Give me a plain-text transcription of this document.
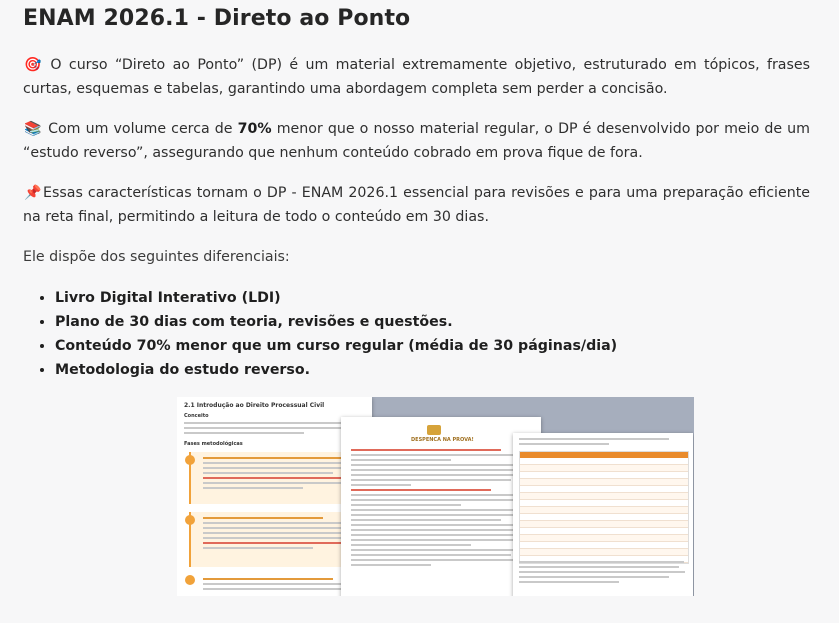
ENAM 2026.1 - Direto ao Ponto

🎯 O curso “Direto ao Ponto” (DP) é um material extremamente objetivo, estruturado em tópicos, frases curtas, esquemas e tabelas, garantindo uma abordagem completa sem perder a concisão.

📚 Com um volume cerca de 70% menor que o nosso material regular, o DP é desenvolvido por meio de um “estudo reverso”, assegurando que nenhum conteúdo cobrado em prova fique de fora.

📌Essas características tornam o DP - ENAM 2026.1 essencial para revisões e para uma preparação eficiente na reta final, permitindo a leitura de todo o conteúdo em 30 dias.

Ele dispõe dos seguintes diferenciais:

• Livro Digital Interativo (LDI)
• Plano de 30 dias com teoria, revisões e questões.
• Conteúdo 70% menor que um curso regular (média de 30 páginas/dia)
• Metodologia do estudo reverso.
2.1 Introdução ao Direito Processual Civil
Conceito
Fases metodológicas
DESPENCA NA PROVA!
